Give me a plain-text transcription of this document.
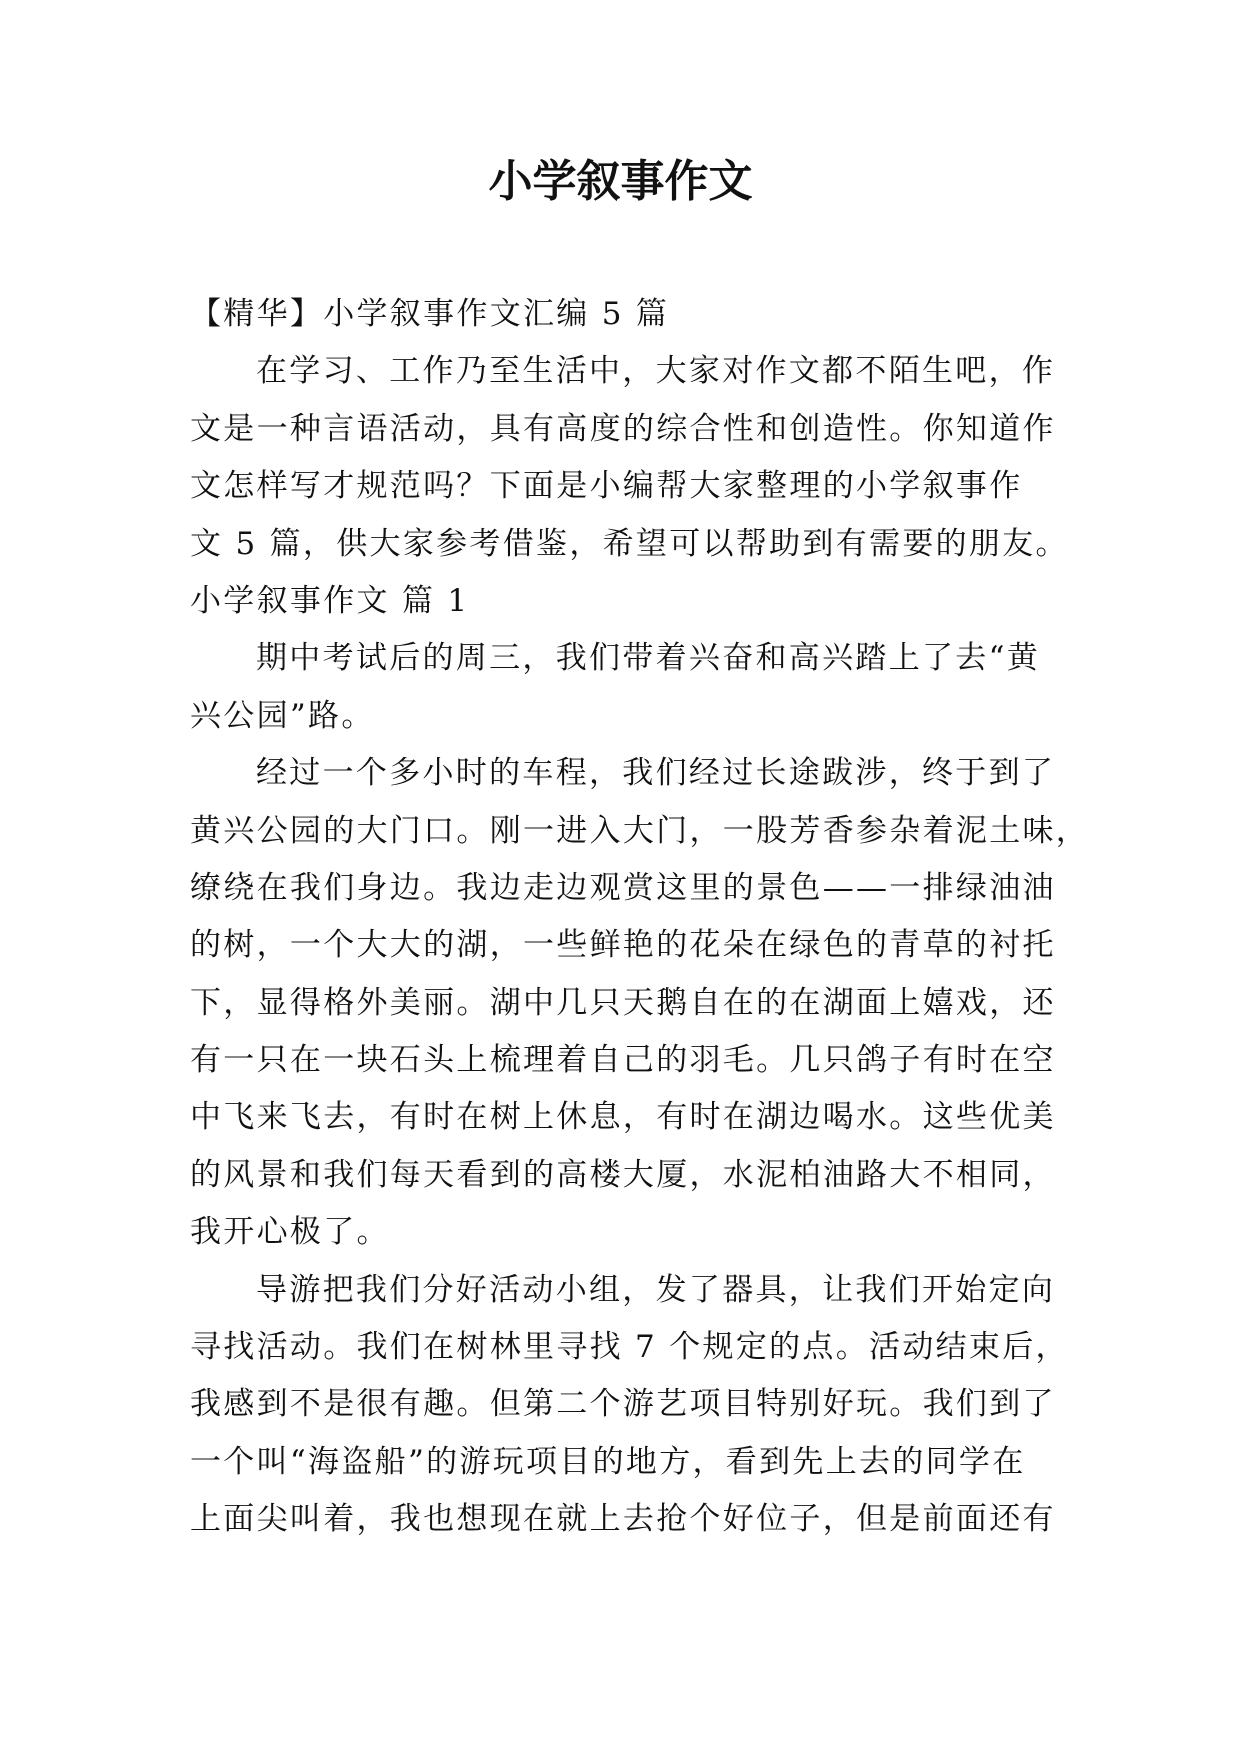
小学叙事作文
【精华】小学叙事作文汇编 5 篇
在学习、工作乃至生活中，大家对作文都不陌生吧，作
文是一种言语活动，具有高度的综合性和创造性。你知道作
文怎样写才规范吗？下面是小编帮大家整理的小学叙事作
文 5 篇，供大家参考借鉴，希望可以帮助到有需要的朋友。
小学叙事作文 篇 1
期中考试后的周三，我们带着兴奋和高兴踏上了去“黄
兴公园”路。
经过一个多小时的车程，我们经过长途跋涉，终于到了
黄兴公园的大门口。刚一进入大门，一股芳香参杂着泥土味，
缭绕在我们身边。我边走边观赏这里的景色——一排绿油油
的树，一个大大的湖，一些鲜艳的花朵在绿色的青草的衬托
下，显得格外美丽。湖中几只天鹅自在的在湖面上嬉戏，还
有一只在一块石头上梳理着自己的羽毛。几只鸽子有时在空
中飞来飞去，有时在树上休息，有时在湖边喝水。这些优美
的风景和我们每天看到的高楼大厦，水泥柏油路大不相同，
我开心极了。
导游把我们分好活动小组，发了器具，让我们开始定向
寻找活动。我们在树林里寻找 7 个规定的点。活动结束后，
我感到不是很有趣。但第二个游艺项目特别好玩。我们到了
一个叫“海盗船”的游玩项目的地方，看到先上去的同学在
上面尖叫着，我也想现在就上去抢个好位子，但是前面还有
